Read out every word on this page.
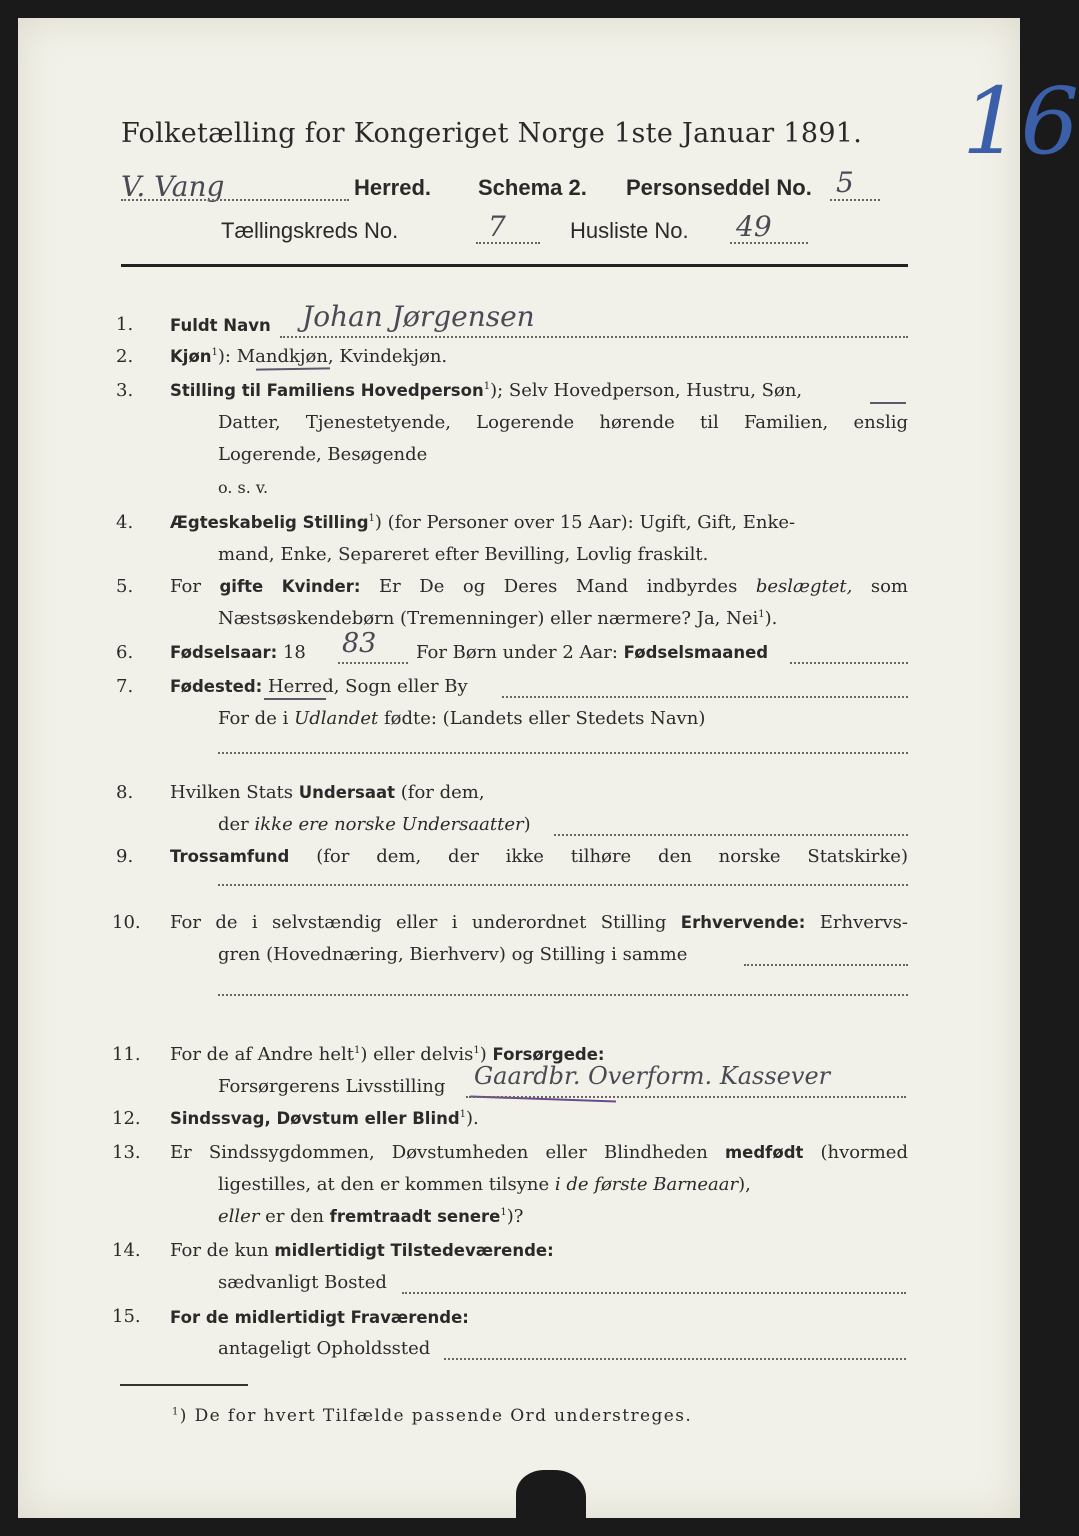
Folketælling for Kongeriget Norge 1ste Januar 1891. 16
V. Vang	Herred. Schema 2. Personseddel No. 5
Tællingskreds No.	7	Husliste No. 49
1. Fuldt Navn Johan Jørgensen
2. Kjøn$^1$): Mandkjøn, Kvindekjøn.
3. Stilling til Familiens Hovedperson$^1$); Selv Hovedperson, Hustru, Søn,
Datter, Tjenestetyende, Logerende hørende til Familien, enslig
Logerende, Besøgende
o. s. v.
4. Ægteskabelig Stilling$^1$) (for Personer over 15 Aar): Ugift, Gift, Enke-
mand, Enke, Separeret efter Bevilling, Lovlig fraskilt.
5. For gifte Kvinder: Er De og Deres Mand indbyrdes beslægtet, som
Næstsøskendebørn (Tremenninger) eller nærmere? Ja, Nei$^1$).
6. Fødselsaar: 18 83 For Børn under 2 Aar: Fødselsmaaned
7. Fødested: Herred, Sogn eller By
For de i Udlandet fødte: (Landets eller Stedets Navn)
8. Hvilken Stats Undersaat (for dem,
der ikke ere norske Undersaatter)
9. Trossamfund (for dem, der ikke tilhøre den norske Statskirke)
10. For de i selvstændig eller i underordnet Stilling Erhvervende: Erhvervs-
gren (Hovednæring, Bierhverv) og Stilling i samme
11. For de af Andre helt$^1$) eller delvis$^1$) Forsørgede:
Forsørgerens Livsstilling Gaardbr. Overform. Kassever
12. Sindssvag, Døvstum eller Blind$^1$).
13. Er Sindssygdommen, Døvstumheden eller Blindheden medfødt (hvormed
ligestilles, at den er kommen tilsyne i de første Barneaar),
eller er den fremtraadt senere$^1$)?
14. For de kun midlertidigt Tilstedeværende:
sædvanligt Bosted
15. For de midlertidigt Fraværende:
antageligt Opholdssted
$^1$) De for hvert Tilfælde passende Ord understreges.
